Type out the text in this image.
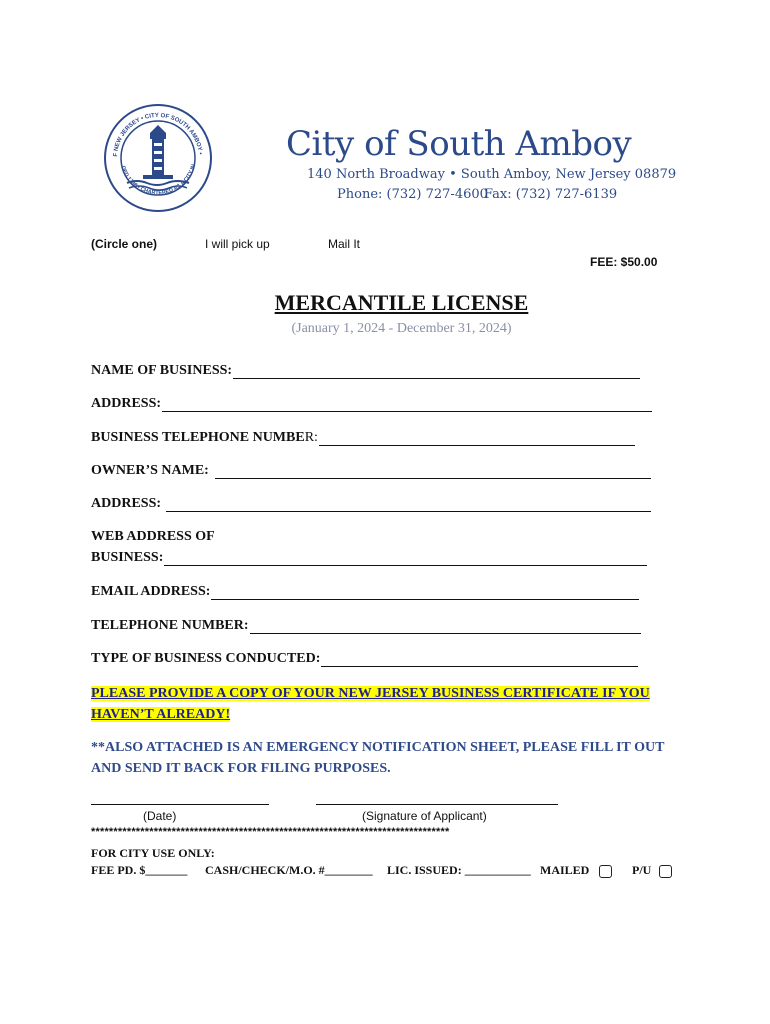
F NEW JERSEY • CITY OF SOUTH AMBOY •
DED 1798 • CHARTERED AS A CITY IN
City of South Amboy
140 North Broadway • South Amboy, New Jersey 08879
Phone: (732) 727-4600
Fax: (732) 727-6139
(Circle one)	I will pick up	Mail It
FEE: $50.00
MERCANTILE LICENSE
(January 1, 2024 - December 31, 2024)
NAME OF BUSINESS:
ADDRESS:
BUSINESS TELEPHONE NUMBER:
OWNER’S NAME:
ADDRESS:
WEB ADDRESS OF
BUSINESS:
EMAIL ADDRESS:
TELEPHONE NUMBER:
TYPE OF BUSINESS CONDUCTED:
PLEASE PROVIDE A COPY OF YOUR NEW JERSEY BUSINESS CERTIFICATE IF YOU HAVEN’T ALREADY!
**ALSO ATTACHED IS AN EMERGENCY NOTIFICATION SHEET, PLEASE FILL IT OUT AND SEND IT BACK FOR FILING PURPOSES.
(Date)	(Signature of Applicant)
********************************************************************************
FOR CITY USE ONLY:
FEE PD. $_______ CASH/CHECK/M.O. #________ LIC. ISSUED: ___________ MAILED	P/U
